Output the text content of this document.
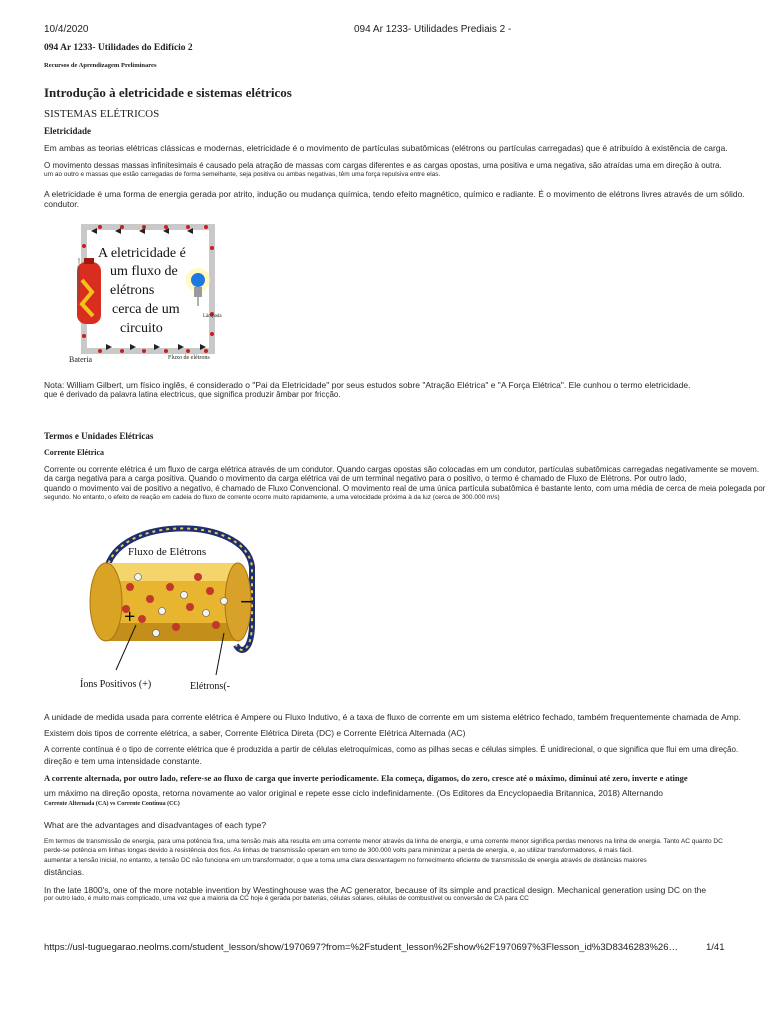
10/4/2020	094 Ar 1233- Utilidades Prediais 2 -
094 Ar 1233- Utilidades do Edifício 2
Recursos de Aprendizagem Preliminares
Introdução à eletricidade e sistemas elétricos
SISTEMAS ELÉTRICOS
Eletricidade
Em ambas as teorias elétricas clássicas e modernas, eletricidade é o movimento de partículas subatômicas (elétrons ou partículas carregadas) que é atribuído à existência de carga.
O movimento dessas massas infinitesimais é causado pela atração de massas com cargas diferentes e as cargas opostas, uma positiva e uma negativa, são atraídas uma em direção à outra.
um ao outro e massas que estão carregadas de forma semelhante, seja positiva ou ambas negativas, têm uma força repulsiva entre elas.
A eletricidade é uma forma de energia gerada por atrito, indução ou mudança química, tendo efeito magnético, químico e radiante. É o movimento de elétrons livres através de um sólido.
condutor.
A eletricidade é
um fluxo de
elétrons
cerca de um
circuito
Bateria	Fluxo de elétrons
Lâmpada
www.explainthatstuff.com
Nota: William Gilbert, um físico inglês, é considerado o "Pai da Eletricidade" por seus estudos sobre "Atração Elétrica" e "A Força Elétrica". Ele cunhou o termo eletricidade.
que é derivado da palavra latina electricus, que significa produzir âmbar por fricção.
Termos e Unidades Elétricas
Corrente Elétrica
Corrente ou corrente elétrica é um fluxo de carga elétrica através de um condutor. Quando cargas opostas são colocadas em um condutor, partículas subatômicas carregadas negativamente se movem.
da carga negativa para a carga positiva. Quando o movimento da carga elétrica vai de um terminal negativo para o positivo, o termo é chamado de Fluxo de Elétrons. Por outro lado,
quando o movimento vai de positivo a negativo, é chamado de Fluxo Convencional. O movimento real de uma única partícula subatômica é bastante lento, com uma média de cerca de meia polegada por
segundo. No entanto, o efeito de reação em cadeia do fluxo de corrente ocorre muito rapidamente, a uma velocidade próxima à da luz (cerca de 300.000 m/s)
+
−
Fluxo de Elétrons
Íons Positivos (+)	Elétrons(-
A unidade de medida usada para corrente elétrica é Ampere ou Fluxo Indutivo, é a taxa de fluxo de corrente em um sistema elétrico fechado, também frequentemente chamada de Amp.
Existem dois tipos de corrente elétrica, a saber, Corrente Elétrica Direta (DC) e Corrente Elétrica Alternada (AC)
A corrente contínua é o tipo de corrente elétrica que é produzida a partir de células eletroquímicas, como as pilhas secas e células simples. É unidirecional, o que significa que flui em uma direção.
direção e tem uma intensidade constante.
A corrente alternada, por outro lado, refere-se ao fluxo de carga que inverte periodicamente. Ela começa, digamos, do zero, cresce até o máximo, diminui até zero, inverte e atinge
um máximo na direção oposta, retorna novamente ao valor original e repete esse ciclo indefinidamente. (Os Editores da Encyclopaedia Britannica, 2018) Alternando
Corrente Alternada (CA) vs Corrente Contínua (CC)
What are the advantages and disadvantages of each type?
Em termos de transmissão de energia, para uma potência fixa, uma tensão mais alta resulta em uma corrente menor através da linha de energia, e uma corrente menor significa perdas menores na linha de energia. Tanto AC quanto DC
perde-se potência em linhas longas devido à resistência dos fios. As linhas de transmissão operam em torno de 300.000 volts para minimizar a perda de energia, e, ao utilizar transformadores, é mais fácil.
aumentar a tensão inicial, no entanto, a tensão DC não funciona em um transformador, o que a torna uma clara desvantagem no fornecimento eficiente de transmissão de energia através de distâncias maiores
distâncias.
In the late 1800's, one of the more notable invention by Westinghouse was the AC generator, because of its simple and practical design. Mechanical generation using DC on the
por outro lado, é muito mais complicado, uma vez que a maioria da CC hoje é gerada por baterias, células solares, células de combustível ou conversão de CA para CC
https://usl-tuguegarao.neolms.com/student_lesson/show/1970697?from=%2Fstudent_lesson%2Fshow%2F1970697%3Flesson_id%3D8346283%26…	1/41
